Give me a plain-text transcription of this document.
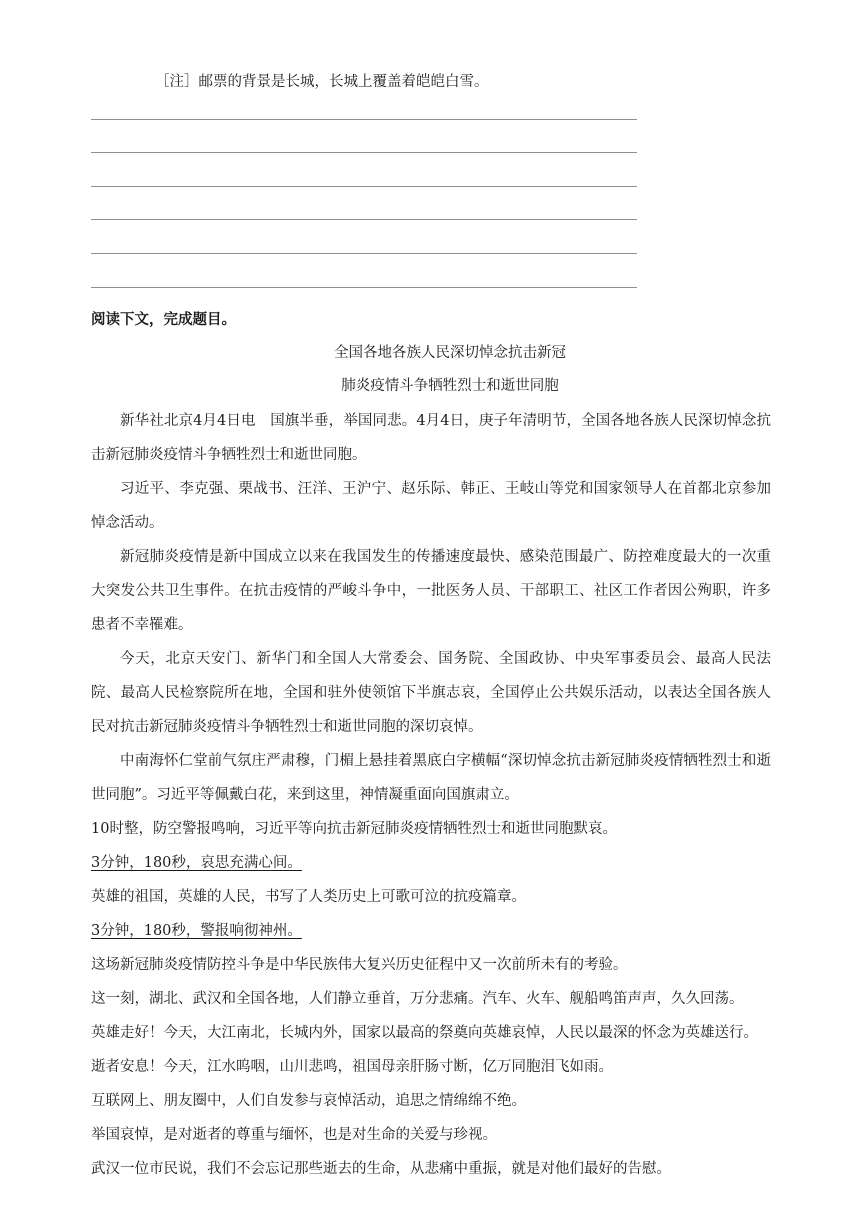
［注］邮票的背景是长城，长城上覆盖着皑皑白雪。
阅读下文，完成题目。
全国各地各族人民深切悼念抗击新冠
肺炎疫情斗争牺牲烈士和逝世同胞

新华社北京4月4日电　国旗半垂，举国同悲。4月4日，庚子年清明节，全国各地各族人民深切悼念抗击新冠肺炎疫情斗争牺牲烈士和逝世同胞。

习近平、李克强、栗战书、汪洋、王沪宁、赵乐际、韩正、王岐山等党和国家领导人在首都北京参加悼念活动。

新冠肺炎疫情是新中国成立以来在我国发生的传播速度最快、感染范围最广、防控难度最大的一次重大突发公共卫生事件。在抗击疫情的严峻斗争中，一批医务人员、干部职工、社区工作者因公殉职，许多患者不幸罹难。

今天，北京天安门、新华门和全国人大常委会、国务院、全国政协、中央军事委员会、最高人民法院、最高人民检察院所在地，全国和驻外使领馆下半旗志哀，全国停止公共娱乐活动，以表达全国各族人民对抗击新冠肺炎疫情斗争牺牲烈士和逝世同胞的深切哀悼。

中南海怀仁堂前气氛庄严肃穆，门楣上悬挂着黑底白字横幅“深切悼念抗击新冠肺炎疫情牺牲烈士和逝世同胞”。习近平等佩戴白花，来到这里，神情凝重面向国旗肃立。

10时整，防空警报鸣响，习近平等向抗击新冠肺炎疫情牺牲烈士和逝世同胞默哀。

3分钟，180秒，哀思充满心间。

英雄的祖国，英雄的人民，书写了人类历史上可歌可泣的抗疫篇章。

3分钟，180秒，警报响彻神州。

这场新冠肺炎疫情防控斗争是中华民族伟大复兴历史征程中又一次前所未有的考验。

这一刻，湖北、武汉和全国各地，人们静立垂首，万分悲痛。汽车、火车、舰船鸣笛声声，久久回荡。

英雄走好！今天，大江南北，长城内外，国家以最高的祭奠向英雄哀悼，人民以最深的怀念为英雄送行。

逝者安息！今天，江水呜咽，山川悲鸣，祖国母亲肝肠寸断，亿万同胞泪飞如雨。

互联网上、朋友圈中，人们自发参与哀悼活动，追思之情绵绵不绝。

举国哀悼，是对逝者的尊重与缅怀，也是对生命的关爱与珍视。

武汉一位市民说，我们不会忘记那些逝去的生命，从悲痛中重振，就是对他们最好的告慰。
